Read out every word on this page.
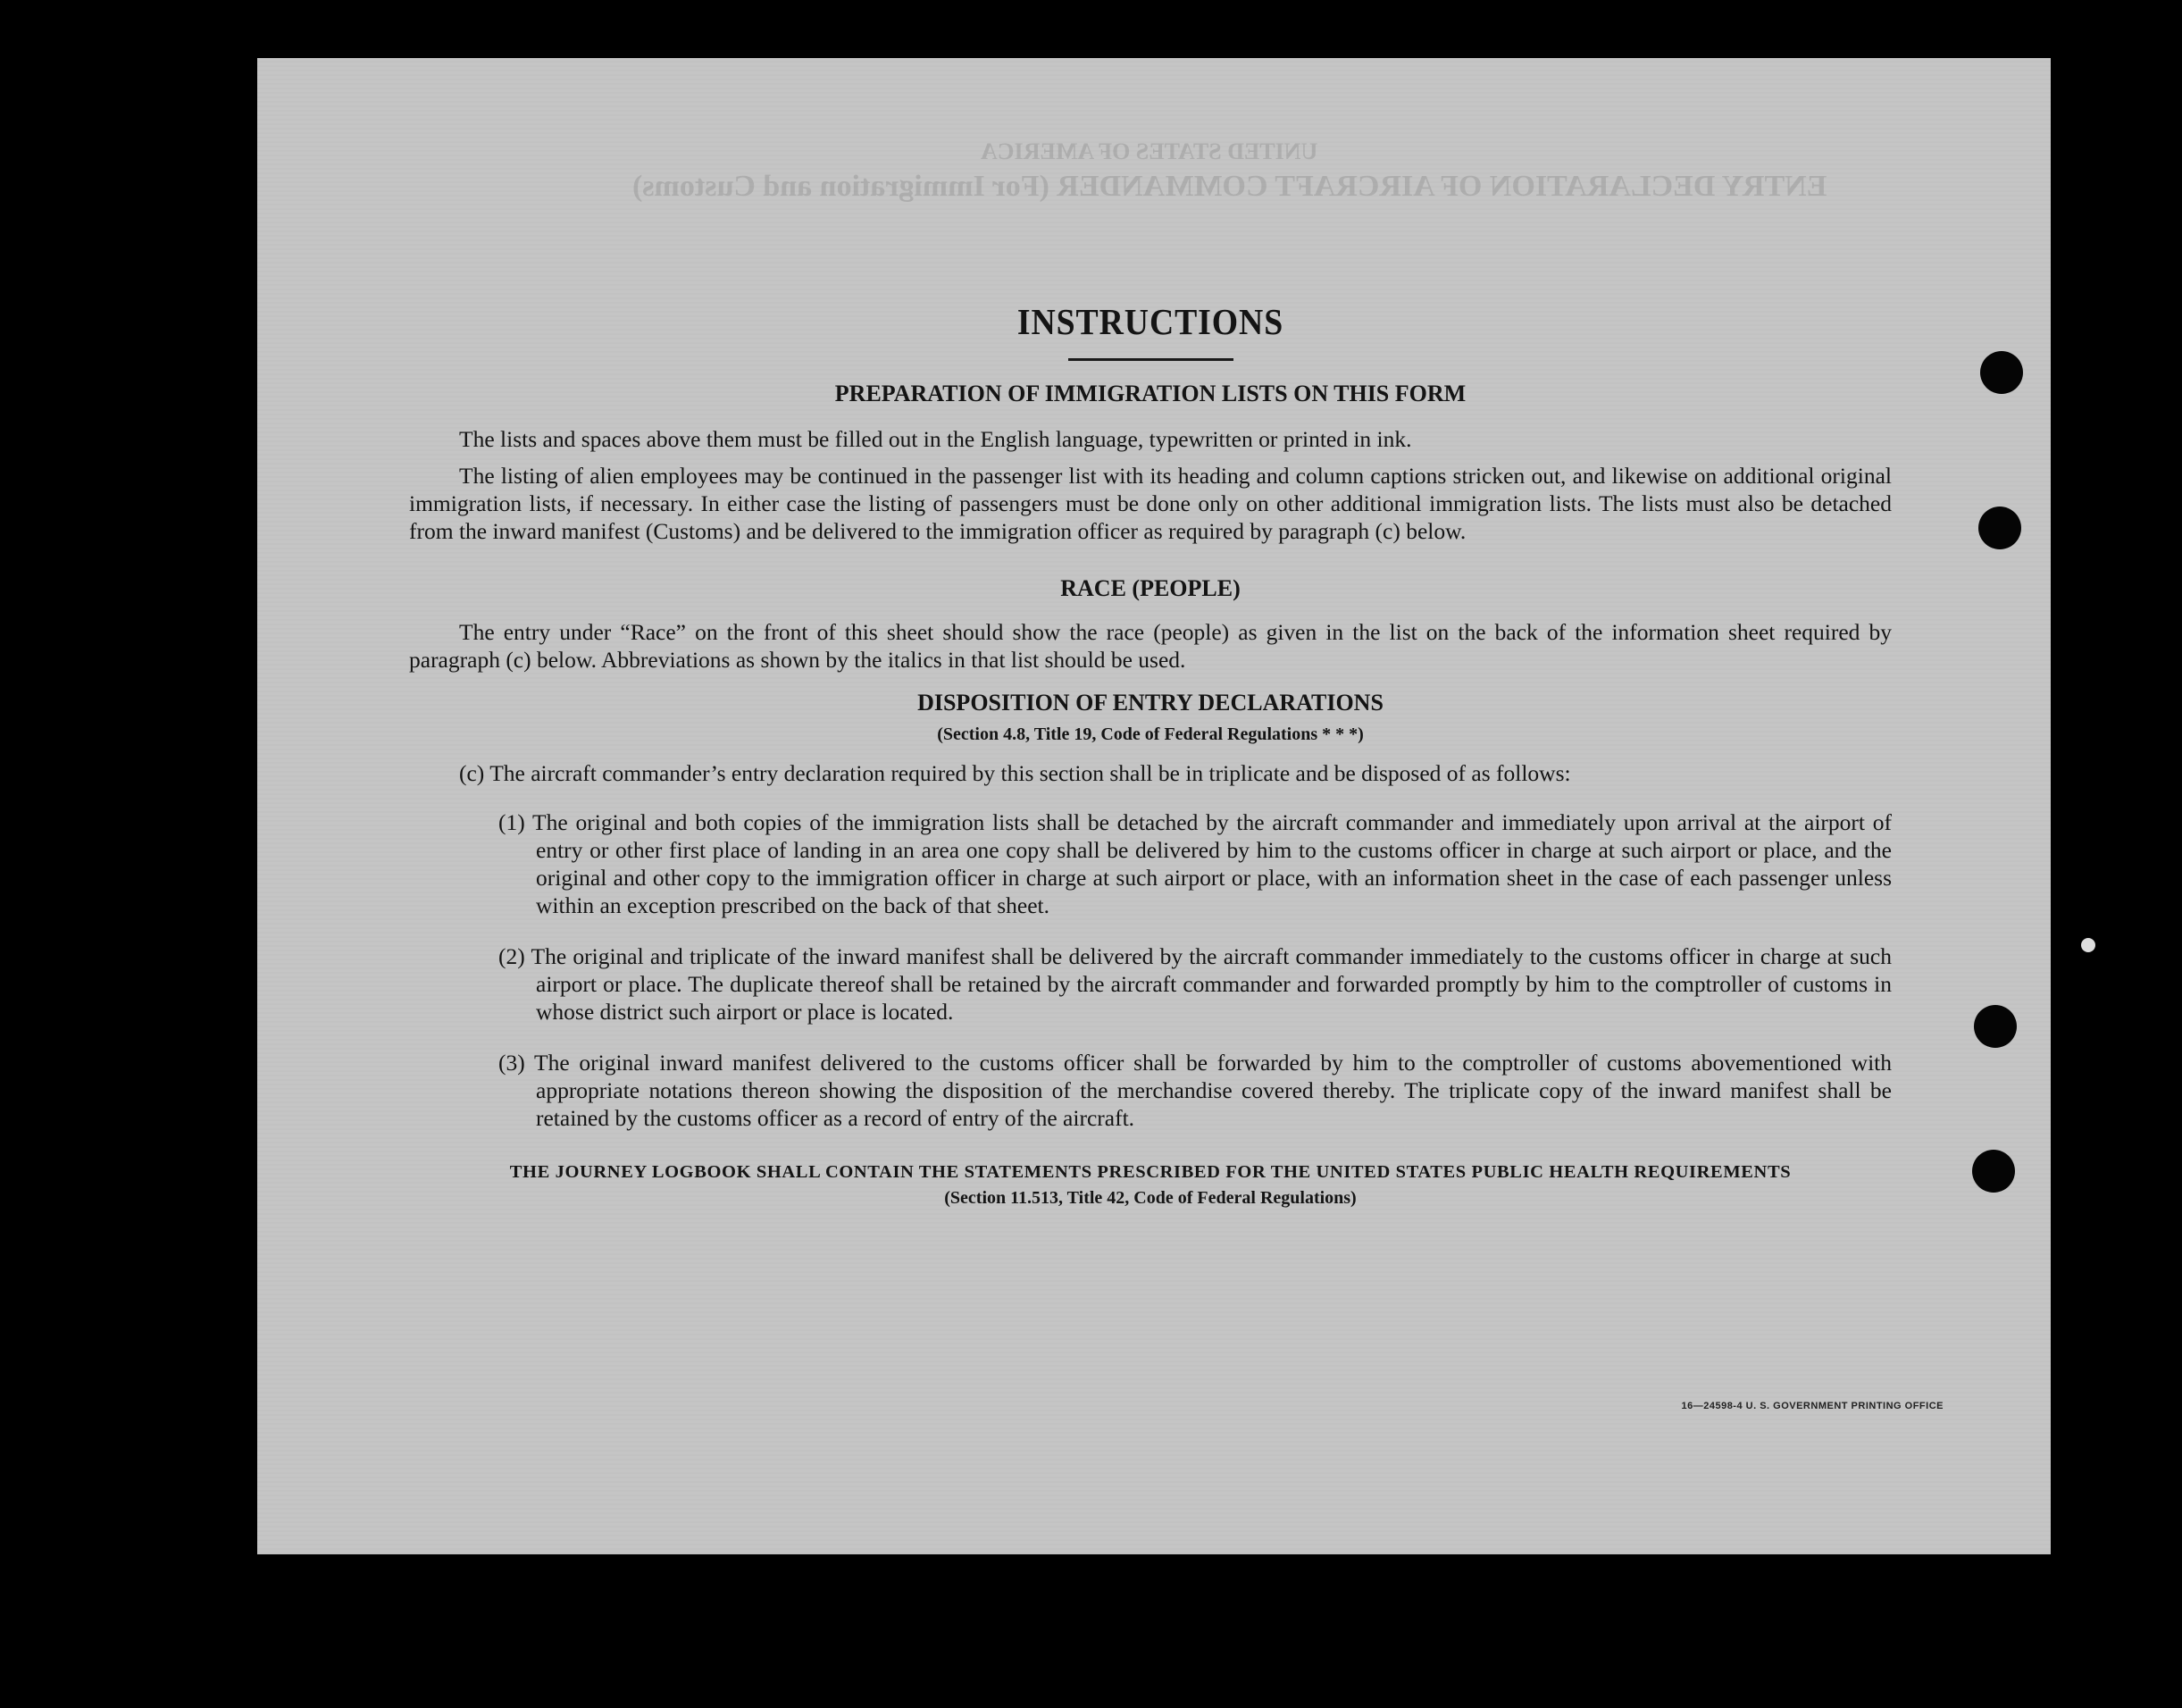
UNITED STATES OF AMERICA
ENTRY DECLARATION OF AIRCRAFT COMMANDER (For Immigration and Customs)
INSTRUCTIONS
PREPARATION OF IMMIGRATION LISTS ON THIS FORM

The lists and spaces above them must be filled out in the English language, typewritten or printed in ink.

The listing of alien employees may be continued in the passenger list with its heading and column captions stricken out, and likewise on additional original immigration lists, if necessary. In either case the listing of passengers must be done only on other additional immigration lists. The lists must also be detached from the inward manifest (Customs) and be delivered to the immigration officer as required by paragraph (c) below.

RACE (PEOPLE)

The entry under “Race” on the front of this sheet should show the race (people) as given in the list on the back of the information sheet required by paragraph (c) below. Abbreviations as shown by the italics in that list should be used.

DISPOSITION OF ENTRY DECLARATIONS
(Section 4.8, Title 19, Code of Federal Regulations * * *)
(c) The aircraft commander’s entry declaration required by this section shall be in triplicate and be disposed of as follows:
(1) The original and both copies of the immigration lists shall be detached by the aircraft commander and immediately upon arrival at the airport of entry or other first place of landing in an area one copy shall be delivered by him to the customs officer in charge at such airport or place, and the original and other copy to the immigration officer in charge at such airport or place, with an information sheet in the case of each passenger unless within an exception prescribed on the back of that sheet.
(2) The original and triplicate of the inward manifest shall be delivered by the aircraft commander immediately to the customs officer in charge at such airport or place. The duplicate thereof shall be retained by the aircraft commander and forwarded promptly by him to the comptroller of customs in whose district such airport or place is located.
(3) The original inward manifest delivered to the customs officer shall be forwarded by him to the comptroller of customs abovementioned with appropriate notations thereon showing the disposition of the merchandise covered thereby. The triplicate copy of the inward manifest shall be retained by the customs officer as a record of entry of the aircraft.
THE JOURNEY LOGBOOK SHALL CONTAIN THE STATEMENTS PRESCRIBED FOR THE UNITED STATES PUBLIC HEALTH REQUIREMENTS
(Section 11.513, Title 42, Code of Federal Regulations)
16—24598-4 U. S. GOVERNMENT PRINTING OFFICE
